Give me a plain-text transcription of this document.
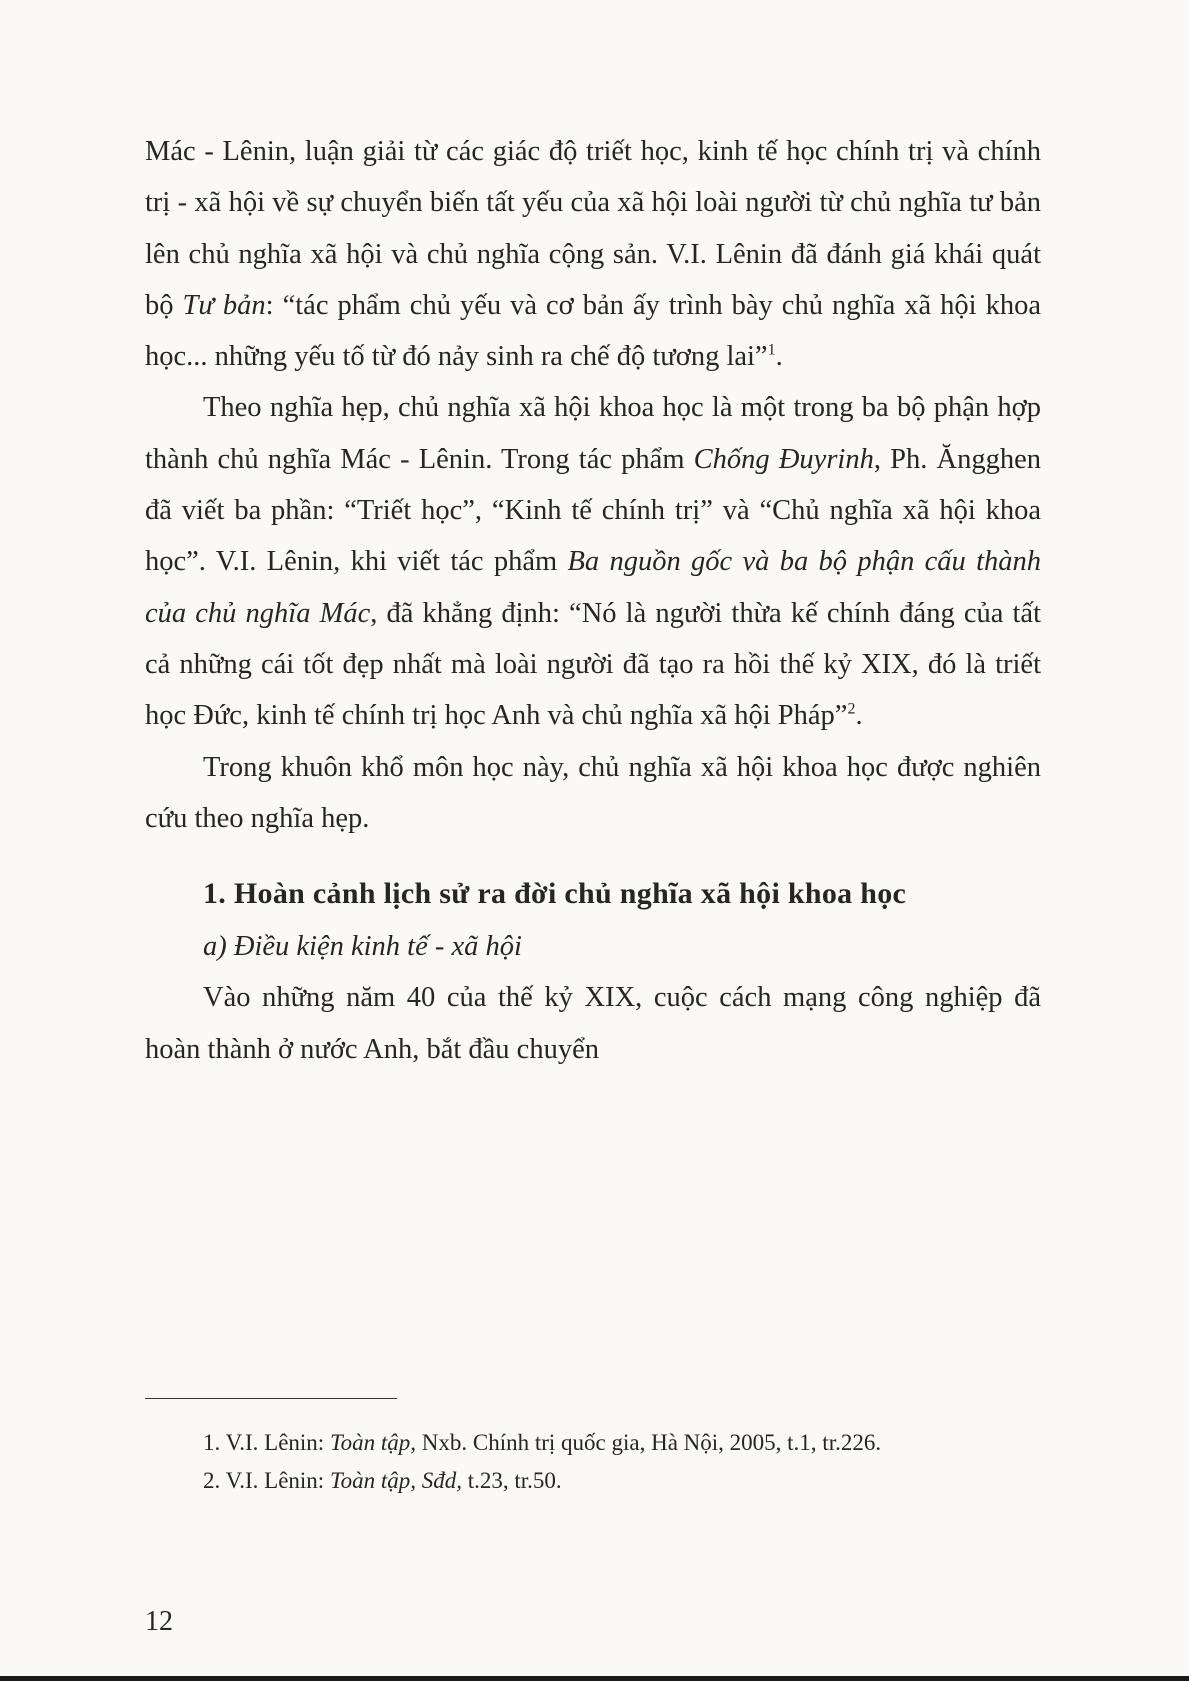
Mác - Lênin, luận giải từ các giác độ triết học, kinh tế học chính trị và chính trị - xã hội về sự chuyển biến tất yếu của xã hội loài người từ chủ nghĩa tư bản lên chủ nghĩa xã hội và chủ nghĩa cộng sản. V.I. Lênin đã đánh giá khái quát bộ Tư bản: “tác phẩm chủ yếu và cơ bản ấy trình bày chủ nghĩa xã hội khoa học... những yếu tố từ đó nảy sinh ra chế độ tương lai”$^1$.

Theo nghĩa hẹp, chủ nghĩa xã hội khoa học là một trong ba bộ phận hợp thành chủ nghĩa Mác - Lênin. Trong tác phẩm Chống Đuyrinh, Ph. Ăngghen đã viết ba phần: “Triết học”, “Kinh tế chính trị” và “Chủ nghĩa xã hội khoa học”. V.I. Lênin, khi viết tác phẩm Ba nguồn gốc và ba bộ phận cấu thành của chủ nghĩa Mác, đã khẳng định: “Nó là người thừa kế chính đáng của tất cả những cái tốt đẹp nhất mà loài người đã tạo ra hồi thế kỷ XIX, đó là triết học Đức, kinh tế chính trị học Anh và chủ nghĩa xã hội Pháp”$^2$.

Trong khuôn khổ môn học này, chủ nghĩa xã hội khoa học được nghiên cứu theo nghĩa hẹp.

1. Hoàn cảnh lịch sử ra đời chủ nghĩa xã hội khoa học

a) Điều kiện kinh tế - xã hội

Vào những năm 40 của thế kỷ XIX, cuộc cách mạng công nghiệp đã hoàn thành ở nước Anh, bắt đầu chuyển

1. V.I. Lênin: Toàn tập, Nxb. Chính trị quốc gia, Hà Nội, 2005, t.1, tr.226.

2. V.I. Lênin: Toàn tập, Sđd, t.23, tr.50.

12
